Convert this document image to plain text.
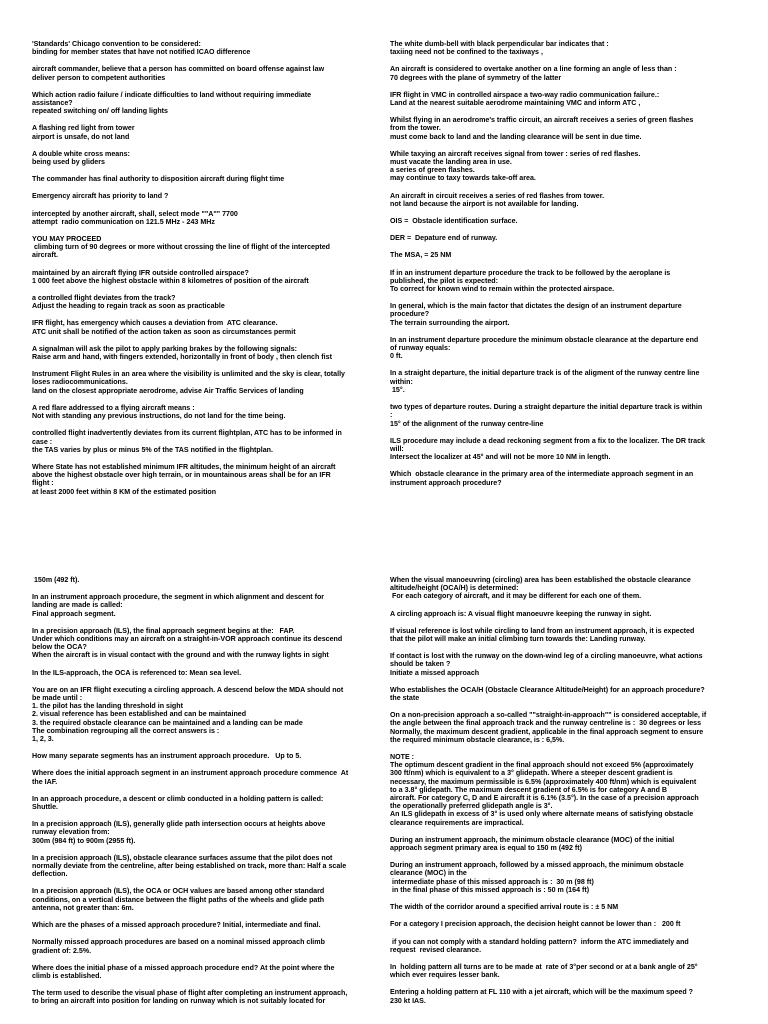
'Standards' Chicago convention to be considered:
binding for member states that have not notified ICAO difference
aircraft commander, believe that a person has committed on board offense against law
deliver person to competent authorities
Which action radio failure / indicate difficulties to land without requiring immediate
assistance?
repeated switching on/ off landing lights
A flashing red light from tower
airport is unsafe, do not land
A double white cross means:
being used by gliders
The commander has final authority to disposition aircraft during flight time
Emergency aircraft has priority to land ?
intercepted by another aircraft, shall, select mode ""A"" 7700
attempt  radio communication on 121.5 MHz - 243 MHz
YOU MAY PROCEED
climbing turn of 90 degrees or more without crossing the line of flight of the intercepted
aircraft.
maintained by an aircraft flying IFR outside controlled airspace?
1 000 feet above the highest obstacle within 8 kilometres of position of the aircraft
a controlled flight deviates from the track?
Adjust the heading to regain track as soon as practicable
IFR flight, has emergency which causes a deviation from  ATC clearance.
ATC unit shall be notified of the action taken as soon as circumstances permit
A signalman will ask the pilot to apply parking brakes by the following signals:
Raise arm and hand, with fingers extended, horizontally in front of body , then clench fist
Instrument Flight Rules in an area where the visibility is unlimited and the sky is clear, totally
loses radiocommunications.
land on the closest appropriate aerodrome, advise Air Traffic Services of landing
A red flare addressed to a flying aircraft means :
Not with standing any previous instructions, do not land for the time being.
controlled flight inadvertently deviates from its current flightplan, ATC has to be informed in
case :
the TAS varies by plus or minus 5% of the TAS notified in the flightplan.
Where State has not established minimum IFR altitudes, the minimum height of an aircraft
above the highest obstacle over high terrain, or in mountainous areas shall be for an IFR
flight :
at least 2000 feet within 8 KM of the estimated position
The white dumb-bell with black perpendicular bar indicates that :
taxiing need not be confined to the taxiways ,
An aircraft is considered to overtake another on a line forming an angle of less than :
70 degrees with the plane of symmetry of the latter
IFR flight in VMC in controlled airspace a two-way radio communication failure.:
Land at the nearest suitable aerodrome maintaining VMC and inform ATC ,
Whilst flying in an aerodrome's traffic circuit, an aircraft receives a series of green flashes
from the tower.
must come back to land and the landing clearance will be sent in due time.
While taxying an aircraft receives signal from tower : series of red flashes.
must vacate the landing area in use.
a series of green flashes.
may continue to taxy towards take-off area.
An aircraft in circuit receives a series of red flashes from tower.
not land because the airport is not available for landing.
OIS =  Obstacle identification surface.
DER =  Depature end of runway.
The MSA, = 25 NM
If in an instrument departure procedure the track to be followed by the aeroplane is
published, the pilot is expected:
To correct for known wind to remain within the protected airspace.
In general, which is the main factor that dictates the design of an instrument departure
procedure?
The terrain surrounding the airport.
In an instrument departure procedure the minimum obstacle clearance at the departure end
of runway equals:
0 ft.
In a straight departure, the initial departure track is of the aligment of the runway centre line
within:
15°.
two types of departure routes. During a straight departure the initial departure track is within
:
15° of the alignment of the runway centre-line
ILS procedure may include a dead reckoning segment from a fix to the localizer. The DR track
will:
Intersect the localizer at 45° and will not be more 10 NM in length.
Which  obstacle clearance in the primary area of the intermediate approach segment in an
instrument approach procedure?
150m (492 ft).
In an instrument approach procedure, the segment in which alignment and descent for
landing are made is called:
Final approach segment.
In a precision approach (ILS), the final approach segment begins at the:   FAP.
Under which conditions may an aircraft on a straight-in-VOR approach continue its descend
below the OCA?
When the aircraft is in visual contact with the ground and with the runway lights in sight
In the ILS-approach, the OCA is referenced to: Mean sea level.
You are on an IFR flight executing a circling approach. A descend below the MDA should not
be made until :
1. the pilot has the landing threshold in sight
2. visual reference has been established and can be maintained
3. the required obstacle clearance can be maintained and a landing can be made
The combination regrouping all the correct answers is :
1, 2, 3.
How many separate segments has an instrument approach procedure.   Up to 5.
Where does the initial approach segment in an instrument approach procedure commence  At
the IAF.
In an approach procedure, a descent or climb conducted in a holding pattern is called:
Shuttle.
In a precision approach (ILS), generally glide path intersection occurs at heights above
runway elevation from:
300m (984 ft) to 900m (2955 ft).
In a precision approach (ILS), obstacle clearance surfaces assume that the pilot does not
normally deviate from the centreline, after being established on track, more than: Half a scale
deflection.
In a precision approach (ILS), the OCA or OCH values are based among other standard
conditions, on a vertical distance between the flight paths of the wheels and glide path
antenna, not greater than: 6m.
Which are the phases of a missed approach procedure? Initial, intermediate and final.
Normally missed approach procedures are based on a nominal missed approach climb
gradient of: 2.5%.
Where does the initial phase of a missed approach procedure end? At the point where the
climb is established.
The term used to describe the visual phase of flight after completing an instrument approach,
to bring an aircraft into position for landing on runway which is not suitably located for
When the visual manoeuvring (circling) area has been established the obstacle clearance
altitude/height (OCA/H) is determined:
For each category of aircraft, and it may be different for each one of them.
A circling approach is: A visual flight manoeuvre keeping the runway in sight.
If visual reference is lost while circling to land from an instrument approach, it is expected
that the pilot will make an initial climbing turn towards the: Landing runway.
If contact is lost with the runway on the down-wind leg of a circling manoeuvre, what actions
should be taken ?
Initiate a missed approach
Who establishes the OCA/H (Obstacle Clearance Altitude/Height) for an approach procedure?
the state
On a non-precision approach a so-called ""straight-in-approach"" is considered acceptable, if
the angle between the final approach track and the runway centreline is :  30 degrees or less
Normally, the maximum descent gradient, applicable in the final approach segment to ensure
the required minimum obstacle clearance, is : 6,5%.
NOTE :
The optimum descent gradient in the final approach should not exceed 5% (approximately
300 ft/nm) which is equivalent to a 3° glidepath. Where a steeper descent gradient is
necessary, the maximum permissible is 6.5% (approximately 400 ft/nm) which is equivalent
to a 3.8° glidepath. The maximum descent gradient of 6.5% is for category A and B
aircraft. For category C, D and E aircraft it is 6.1% (3.5°). In the case of a precision approach
the operationally preferred glidepath angle is 3°.
An ILS glidepath in excess of 3° is used only where alternate means of satisfying obstacle
clearance requirements are impractical.
During an instrument approach, the minimum obstacle clearance (MOC) of the initial
approach segment primary area is equal to 150 m (492 ft)
During an instrument approach, followed by a missed approach, the minimum obstacle
clearance (MOC) in the
intermediate phase of this missed approach is :  30 m (98 ft)
in the final phase of this missed approach is : 50 m (164 ft)
The width of the corridor around a specified arrival route is : ± 5 NM
For a category I precision approach, the decision height cannot be lower than :   200 ft
if you can not comply with a standard holding pattern?  inform the ATC immediately and
request  revised clearance.
In  holding pattern all turns are to be made at  rate of 3°per second or at a bank angle of 25°
which ever requires lesser bank.
Entering a holding pattern at FL 110 with a jet aircraft, which will be the maximum speed ?
230 kt IAS.
